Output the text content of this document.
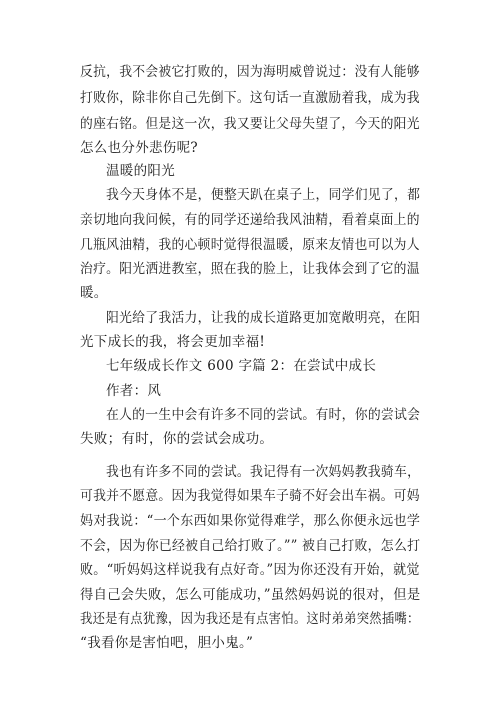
反抗，我不会被它打败的，因为海明威曾说过：没有人能够
打败你，除非你自己先倒下。这句话一直激励着我，成为我
的座右铭。但是这一次，我又要让父母失望了，今天的阳光
怎么也分外悲伤呢?
温暖的阳光
我今天身体不是，便整天趴在桌子上，同学们见了，都
亲切地向我问候，有的同学还递给我风油精，看着桌面上的
几瓶风油精，我的心顿时觉得很温暖，原来友情也可以为人
治疗。阳光洒进教室，照在我的脸上，让我体会到了它的温
暖。
阳光给了我活力，让我的成长道路更加宽敞明亮，在阳
光下成长的我，将会更加幸福!
七年级成长作文 600 字篇 2：在尝试中成长
作者：风
在人的一生中会有许多不同的尝试。有时，你的尝试会
失败；有时，你的尝试会成功。
我也有许多不同的尝试。我记得有一次妈妈教我骑车，
可我并不愿意。因为我觉得如果车子骑不好会出车祸。可妈
妈对我说：“一个东西如果你觉得难学，那么你便永远也学
不会，因为你已经被自己给打败了。”” 被自己打败，怎么打
败。“听妈妈这样说我有点好奇。”因为你还没有开始，就觉
得自己会失败，怎么可能成功，”虽然妈妈说的很对，但是
我还是有点犹豫，因为我还是有点害怕。这时弟弟突然插嘴：
“我看你是害怕吧，胆小鬼。”
